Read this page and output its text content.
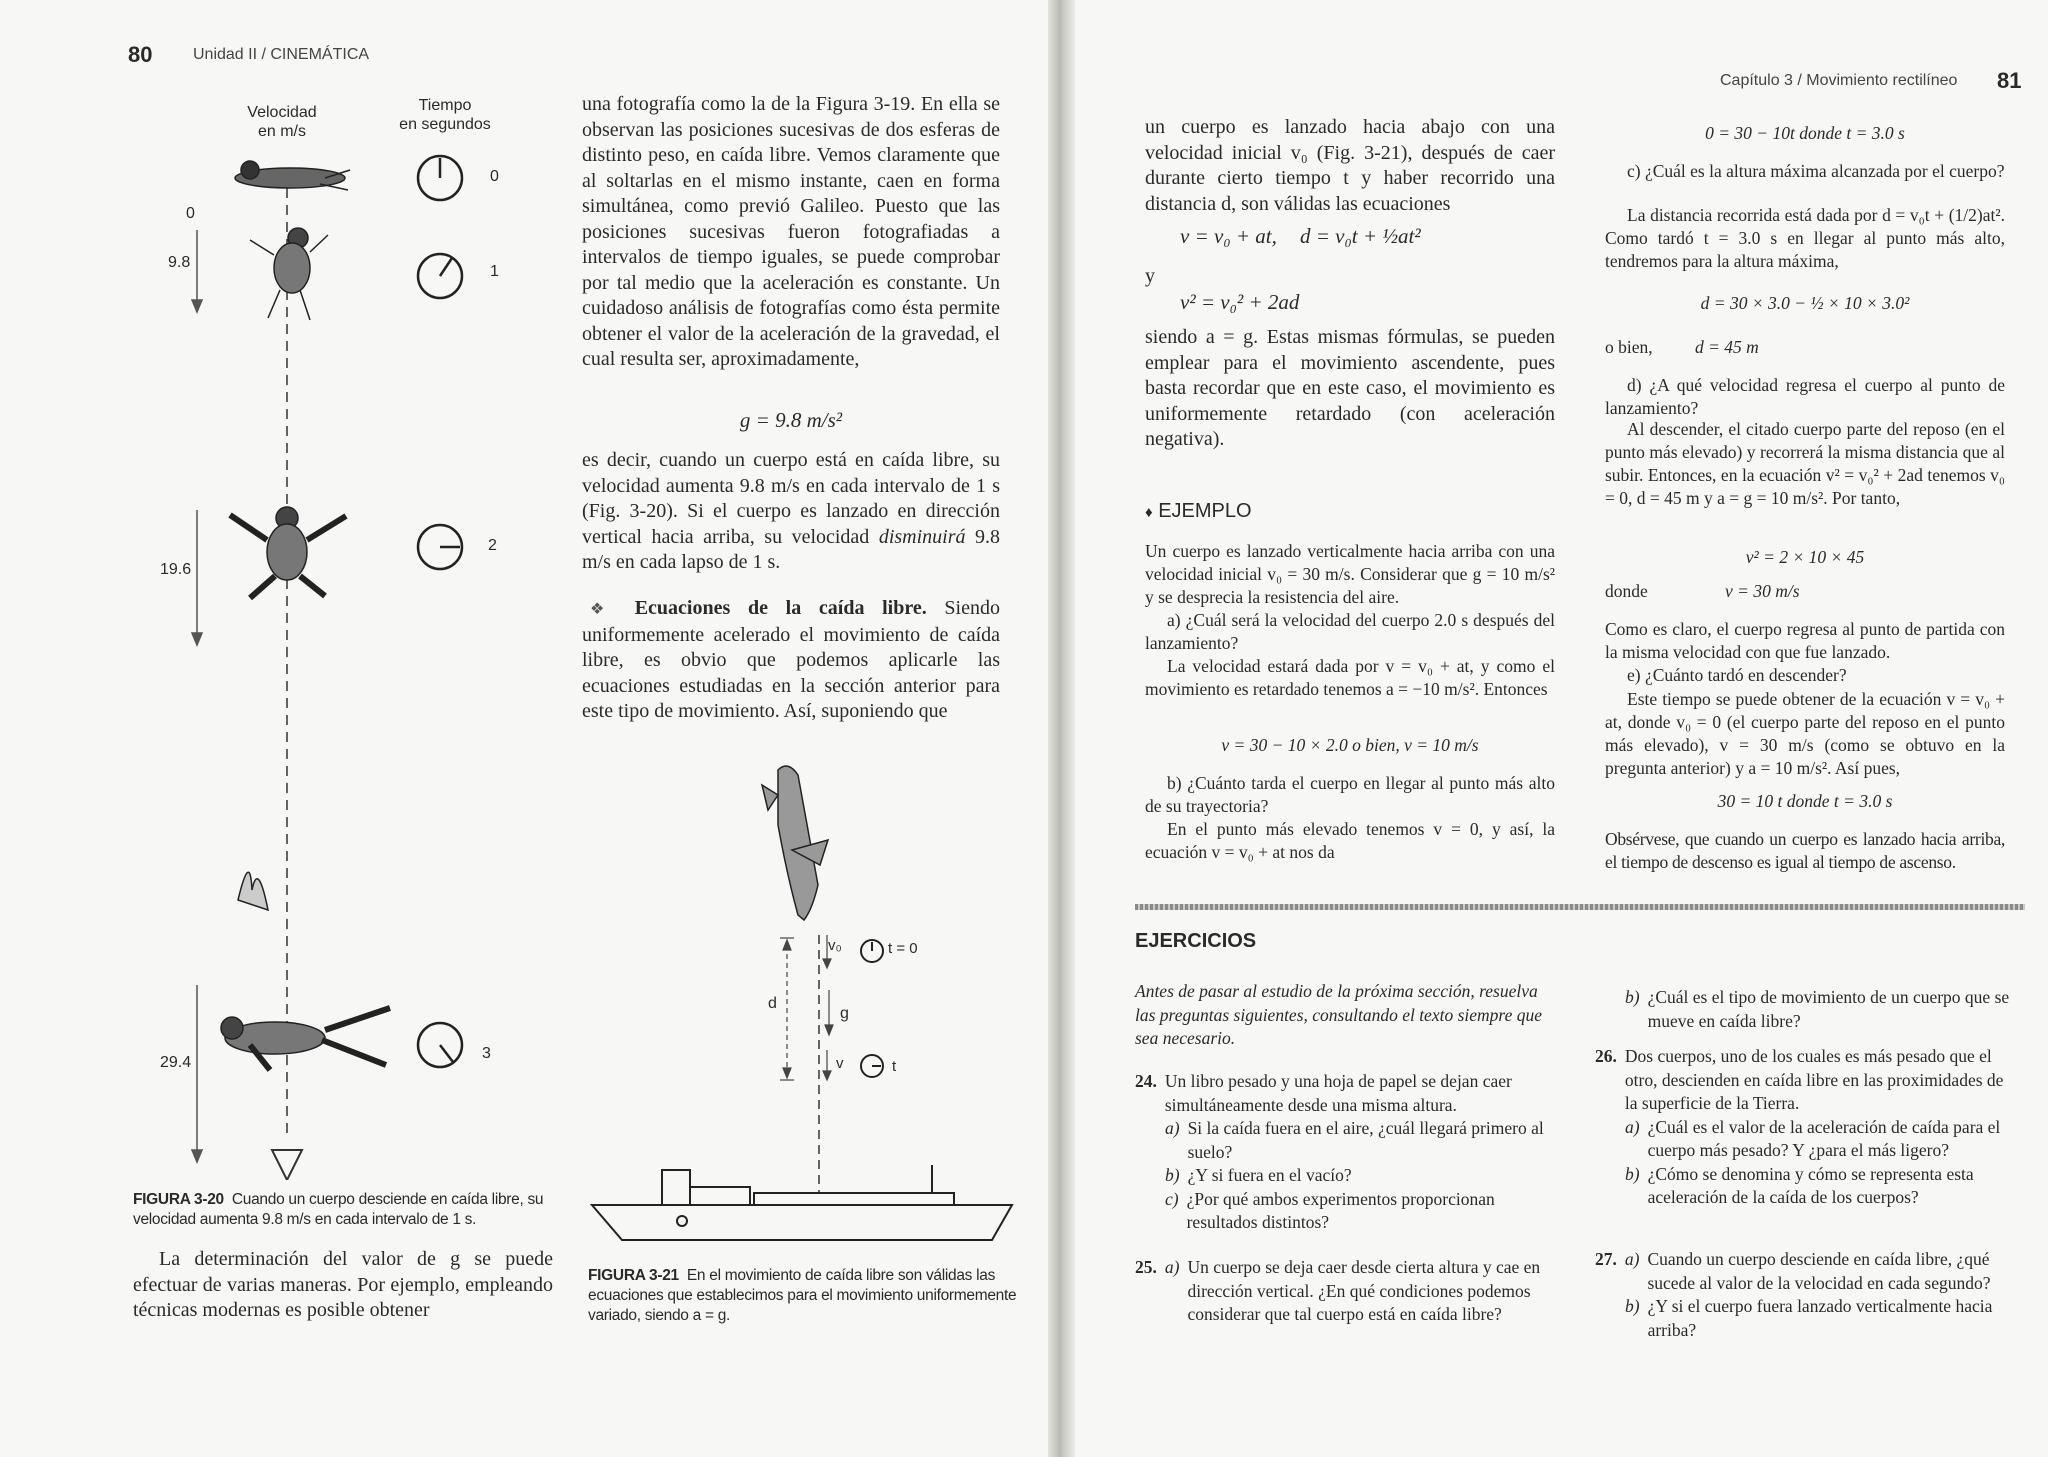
80	Unidad II / CINEMÁTICA
Velocidad
en m/s
Tiempo
en segundos
0
9.8
19.6
29.4
0
1
2
3
FIGURA 3-20 Cuando un cuerpo desciende en caída libre, su velocidad aumenta 9.8 m/s en cada intervalo de 1 s.
La determinación del valor de g se puede efectuar de varias maneras. Por ejemplo, empleando técnicas modernas es posible obtener
una fotografía como la de la Figura 3-19. En ella se observan las posiciones sucesivas de dos esferas de distinto peso, en caída libre. Vemos claramente que al soltarlas en el mismo instante, caen en forma simultánea, como previó Galileo. Puesto que las posiciones sucesivas fueron fotografiadas a intervalos de tiempo iguales, se puede comprobar por tal medio que la aceleración es constante. Un cuidadoso análisis de fotografías como ésta permite obtener el valor de la aceleración de la gravedad, el cual resulta ser, aproximadamente,
g = 9.8 m/s²
es decir, cuando un cuerpo está en caída libre, su velocidad aumenta 9.8 m/s en cada intervalo de 1 s (Fig. 3-20). Si el cuerpo es lanzado en dirección vertical hacia arriba, su velocidad disminuirá 9.8 m/s en cada lapso de 1 s.
❖ Ecuaciones de la caída libre. Siendo uniformemente acelerado el movimiento de caída libre, es obvio que podemos aplicarle las ecuaciones estudiadas en la sección anterior para este tipo de movimiento. Así, suponiendo que
v₀	t = 0
d
g
v	t
FIGURA 3-21 En el movimiento de caída libre son válidas las ecuaciones que establecimos para el movimiento uniformemente variado, siendo a = g.
Capítulo 3 / Movimiento rectilíneo 81
un cuerpo es lanzado hacia abajo con una velocidad inicial v₀ (Fig. 3-21), después de caer durante cierto tiempo t y haber recorrido una distancia d, son válidas las ecuaciones
v = v₀ + at, d = v₀t + ½at²
y
v² = v₀² + 2ad
siendo a = g. Estas mismas fórmulas, se pueden emplear para el movimiento ascendente, pues basta recordar que en este caso, el movimiento es uniformemente retardado (con aceleración negativa).
♦ EJEMPLO
Un cuerpo es lanzado verticalmente hacia arriba con una velocidad inicial v₀ = 30 m/s. Considerar que g = 10 m/s² y se desprecia la resistencia del aire.
a) ¿Cuál será la velocidad del cuerpo 2.0 s después del lanzamiento?
La velocidad estará dada por v = v₀ + at, y como el movimiento es retardado tenemos a = −10 m/s². Entonces
v = 30 − 10 × 2.0 o bien, v = 10 m/s
b) ¿Cuánto tarda el cuerpo en llegar al punto más alto de su trayectoria?
En el punto más elevado tenemos v = 0, y así, la ecuación v = v₀ + at nos da
0 = 30 − 10t donde t = 3.0 s
c) ¿Cuál es la altura máxima alcanzada por el cuerpo?
La distancia recorrida está dada por d = v₀t + (1/2)at². Como tardó t = 3.0 s en llegar al punto más alto, tendremos para la altura máxima,
d = 30 × 3.0 − ½ × 10 × 3.0²
o bien, d = 45 m
d) ¿A qué velocidad regresa el cuerpo al punto de lanzamiento?
Al descender, el citado cuerpo parte del reposo (en el punto más elevado) y recorrerá la misma distancia que al subir. Entonces, en la ecuación v² = v₀² + 2ad tenemos v₀ = 0, d = 45 m y a = g = 10 m/s². Por tanto,
v² = 2 × 10 × 45
donde	v = 30 m/s
Como es claro, el cuerpo regresa al punto de partida con la misma velocidad con que fue lanzado.
e) ¿Cuánto tardó en descender?
Este tiempo se puede obtener de la ecuación v = v₀ + at, donde v₀ = 0 (el cuerpo parte del reposo en el punto más elevado), v = 30 m/s (como se obtuvo en la pregunta anterior) y a = 10 m/s². Así pues,
30 = 10 t donde t = 3.0 s
Obsérvese, que cuando un cuerpo es lanzado hacia arriba, el tiempo de descenso es igual al tiempo de ascenso.
EJERCICIOS
Antes de pasar al estudio de la próxima sección, resuelva las preguntas siguientes, consultando el texto siempre que sea necesario.
24. Un libro pesado y una hoja de papel se dejan caer simultáneamente desde una misma altura.
a) Si la caída fuera en el aire, ¿cuál llegará primero al suelo?
b) ¿Y si fuera en el vacío?
c) ¿Por qué ambos experimentos proporcionan resultados distintos?
25. a) Un cuerpo se deja caer desde cierta altura y cae en dirección vertical. ¿En qué condiciones podemos considerar que tal cuerpo está en caída libre?
b) ¿Cuál es el tipo de movimiento de un cuerpo que se mueve en caída libre?
26. Dos cuerpos, uno de los cuales es más pesado que el otro, descienden en caída libre en las proximidades de la superficie de la Tierra.
a) ¿Cuál es el valor de la aceleración de caída para el cuerpo más pesado? Y ¿para el más ligero?
b) ¿Cómo se denomina y cómo se representa esta aceleración de la caída de los cuerpos?
27. a) Cuando un cuerpo desciende en caída libre, ¿qué sucede al valor de la velocidad en cada segundo?
b) ¿Y si el cuerpo fuera lanzado verticalmente hacia arriba?
